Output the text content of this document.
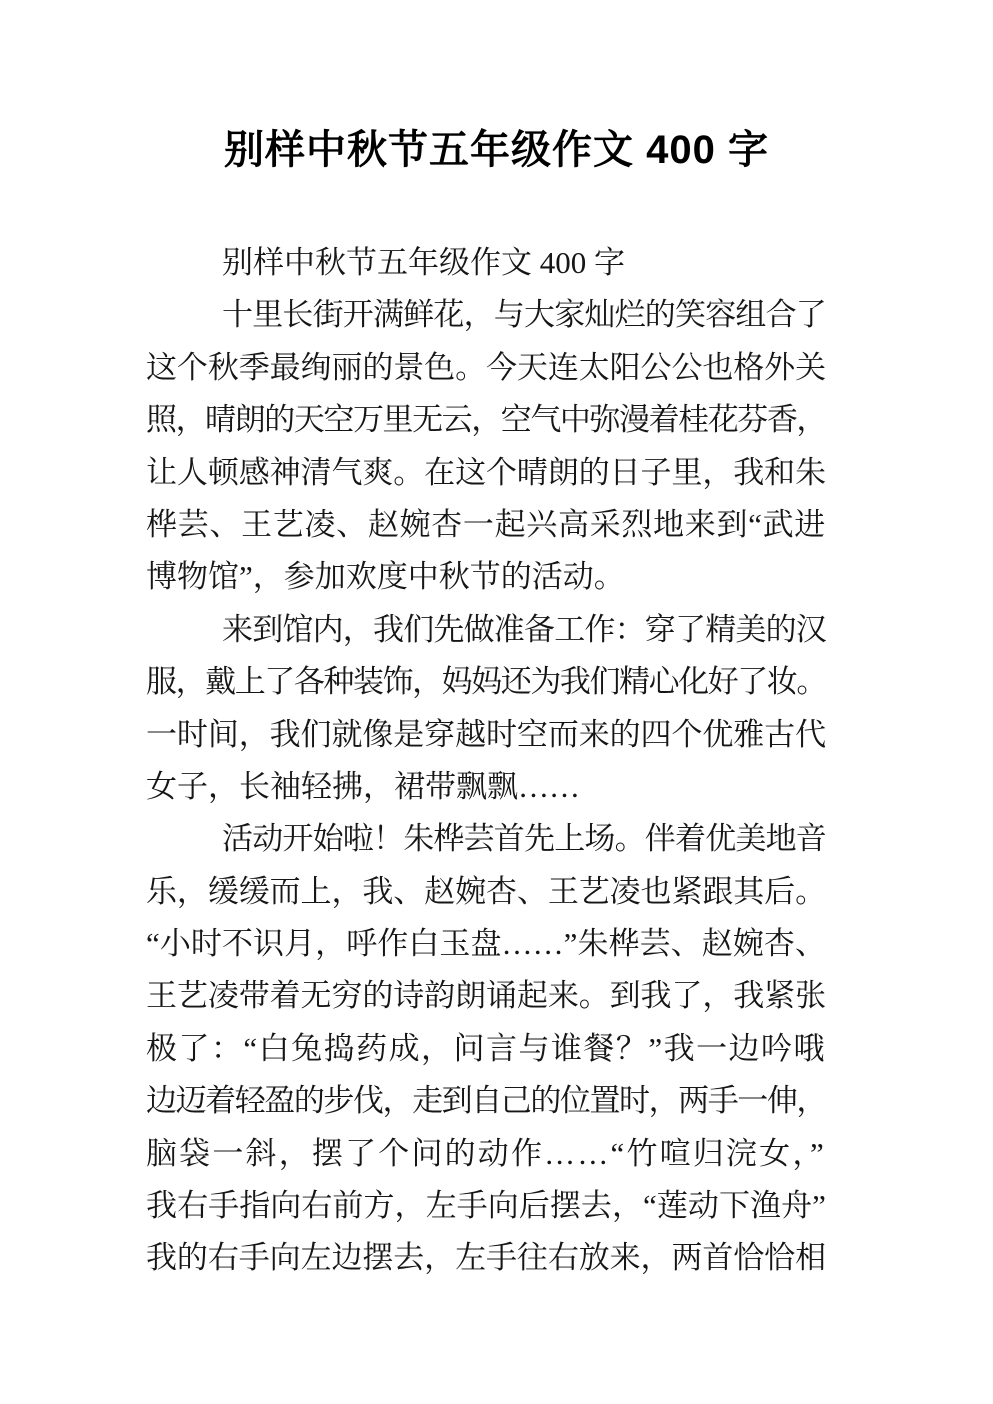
别样中秋节五年级作文 400 字
别样中秋节五年级作文 400 字
十里长街开满鲜花，与大家灿烂的笑容组合了
这个秋季最绚丽的景色。今天连太阳公公也格外关
照，晴朗的天空万里无云，空气中弥漫着桂花芬香，
让人顿感神清气爽。在这个晴朗的日子里，我和朱
桦芸、王艺凌、赵婉杏一起兴高采烈地来到“武进
博物馆”，参加欢度中秋节的活动。
来到馆内，我们先做准备工作：穿了精美的汉
服，戴上了各种装饰，妈妈还为我们精心化好了妆。
一时间，我们就像是穿越时空而来的四个优雅古代
女子，长袖轻拂，裙带飘飘……
活动开始啦！朱桦芸首先上场。伴着优美地音
乐，缓缓而上，我、赵婉杏、王艺凌也紧跟其后。
“小时不识月，呼作白玉盘……”朱桦芸、赵婉杏、
王艺凌带着无穷的诗韵朗诵起来。到我了，我紧张
极了：“白兔捣药成，问言与谁餐？”我一边吟哦
边迈着轻盈的步伐，走到自己的位置时，两手一伸，
脑袋一斜，摆了个问的动作……“竹喧归浣女，”
我右手指向右前方，左手向后摆去，“莲动下渔舟”
我的右手向左边摆去，左手往右放来，两首恰恰相
